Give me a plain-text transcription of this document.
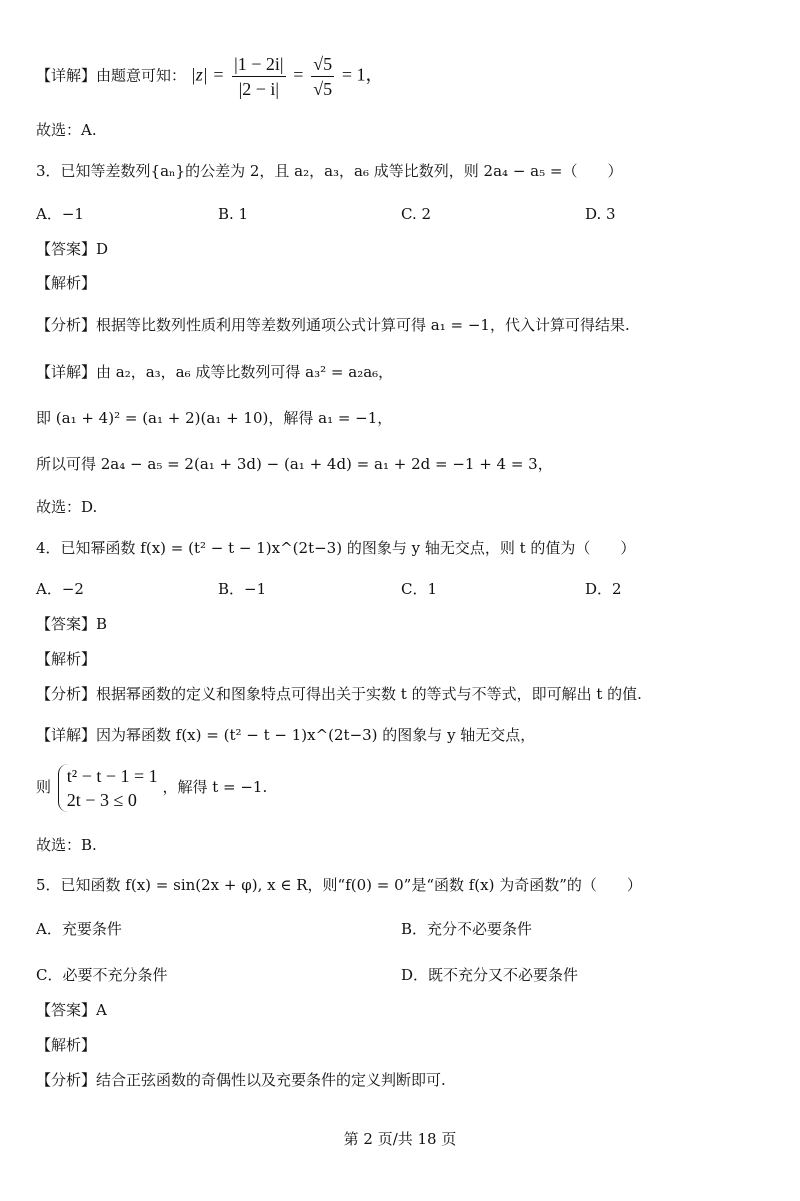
【详解】由题意可知： $|z| = \frac{|1 - 2i|}{|2 - i|} = \frac{√5}{√5} = 1$，
故选：A.
3．已知等差数列{aₙ}的公差为 2，且 a₂，a₃，a₆ 成等比数列，则 2a₄ − a₅ =（　　）
A．−1	B. 1	C. 2	D. 3
【答案】D
【解析】
【分析】根据等比数列性质利用等差数列通项公式计算可得 a₁ = −1，代入计算可得结果.
【详解】由 a₂，a₃，a₆ 成等比数列可得 a₃² = a₂a₆，
即 (a₁ + 4)² = (a₁ + 2)(a₁ + 10)，解得 a₁ = −1，
所以可得 2a₄ − a₅ = 2(a₁ + 3d) − (a₁ + 4d) = a₁ + 2d = −1 + 4 = 3，
故选：D.
4．已知幂函数 f(x) = (t² − t − 1)x^(2t−3) 的图象与 y 轴无交点，则 t 的值为（　　）
A．−2	B．−1	C．1	D．2
【答案】B
【解析】
【分析】根据幂函数的定义和图象特点可得出关于实数 t 的等式与不等式，即可解出 t 的值.
【详解】因为幂函数 f(x) = (t² − t − 1)x^(2t−3) 的图象与 y 轴无交点，
则
t² − t − 1 = 1
2t − 3 ≤ 0
，解得 t = −1.
故选：B.
5．已知函数 f(x) = sin(2x + φ), x ∈ R，则“f(0) = 0”是“函数 f(x) 为奇函数”的（　　）
A．充要条件	B．充分不必要条件
C．必要不充分条件	D．既不充分又不必要条件
【答案】A
【解析】
【分析】结合正弦函数的奇偶性以及充要条件的定义判断即可.
第 2 页/共 18 页
